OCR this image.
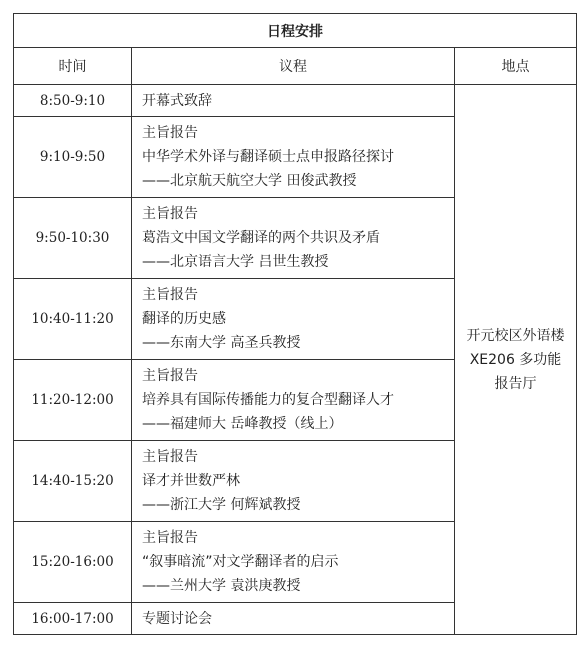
日程安排		
时间	议程	地点
8:50-9:10	开幕式致辞	开元校区外语楼 XE206 多功能报告厅
9:10-9:50	主旨报告
中华学术外译与翻译硕士点申报路径探讨
——北京航天航空大学 田俊武教授	

9:50-10:30	主旨报告
葛浩文中国文学翻译的两个共识及矛盾
——北京语言大学 吕世生教授	

10:40-11:20	主旨报告
翻译的历史感
——东南大学 高圣兵教授	

11:20-12:00	主旨报告
培养具有国际传播能力的复合型翻译人才
——福建师大 岳峰教授（线上）	

14:40-15:20	主旨报告
译才并世数严林
——浙江大学 何辉斌教授	

15:20-16:00	主旨报告
“叙事暗流”对文学翻译者的启示
——兰州大学 袁洪庚教授	

16:00-17:00	专题讨论会	
